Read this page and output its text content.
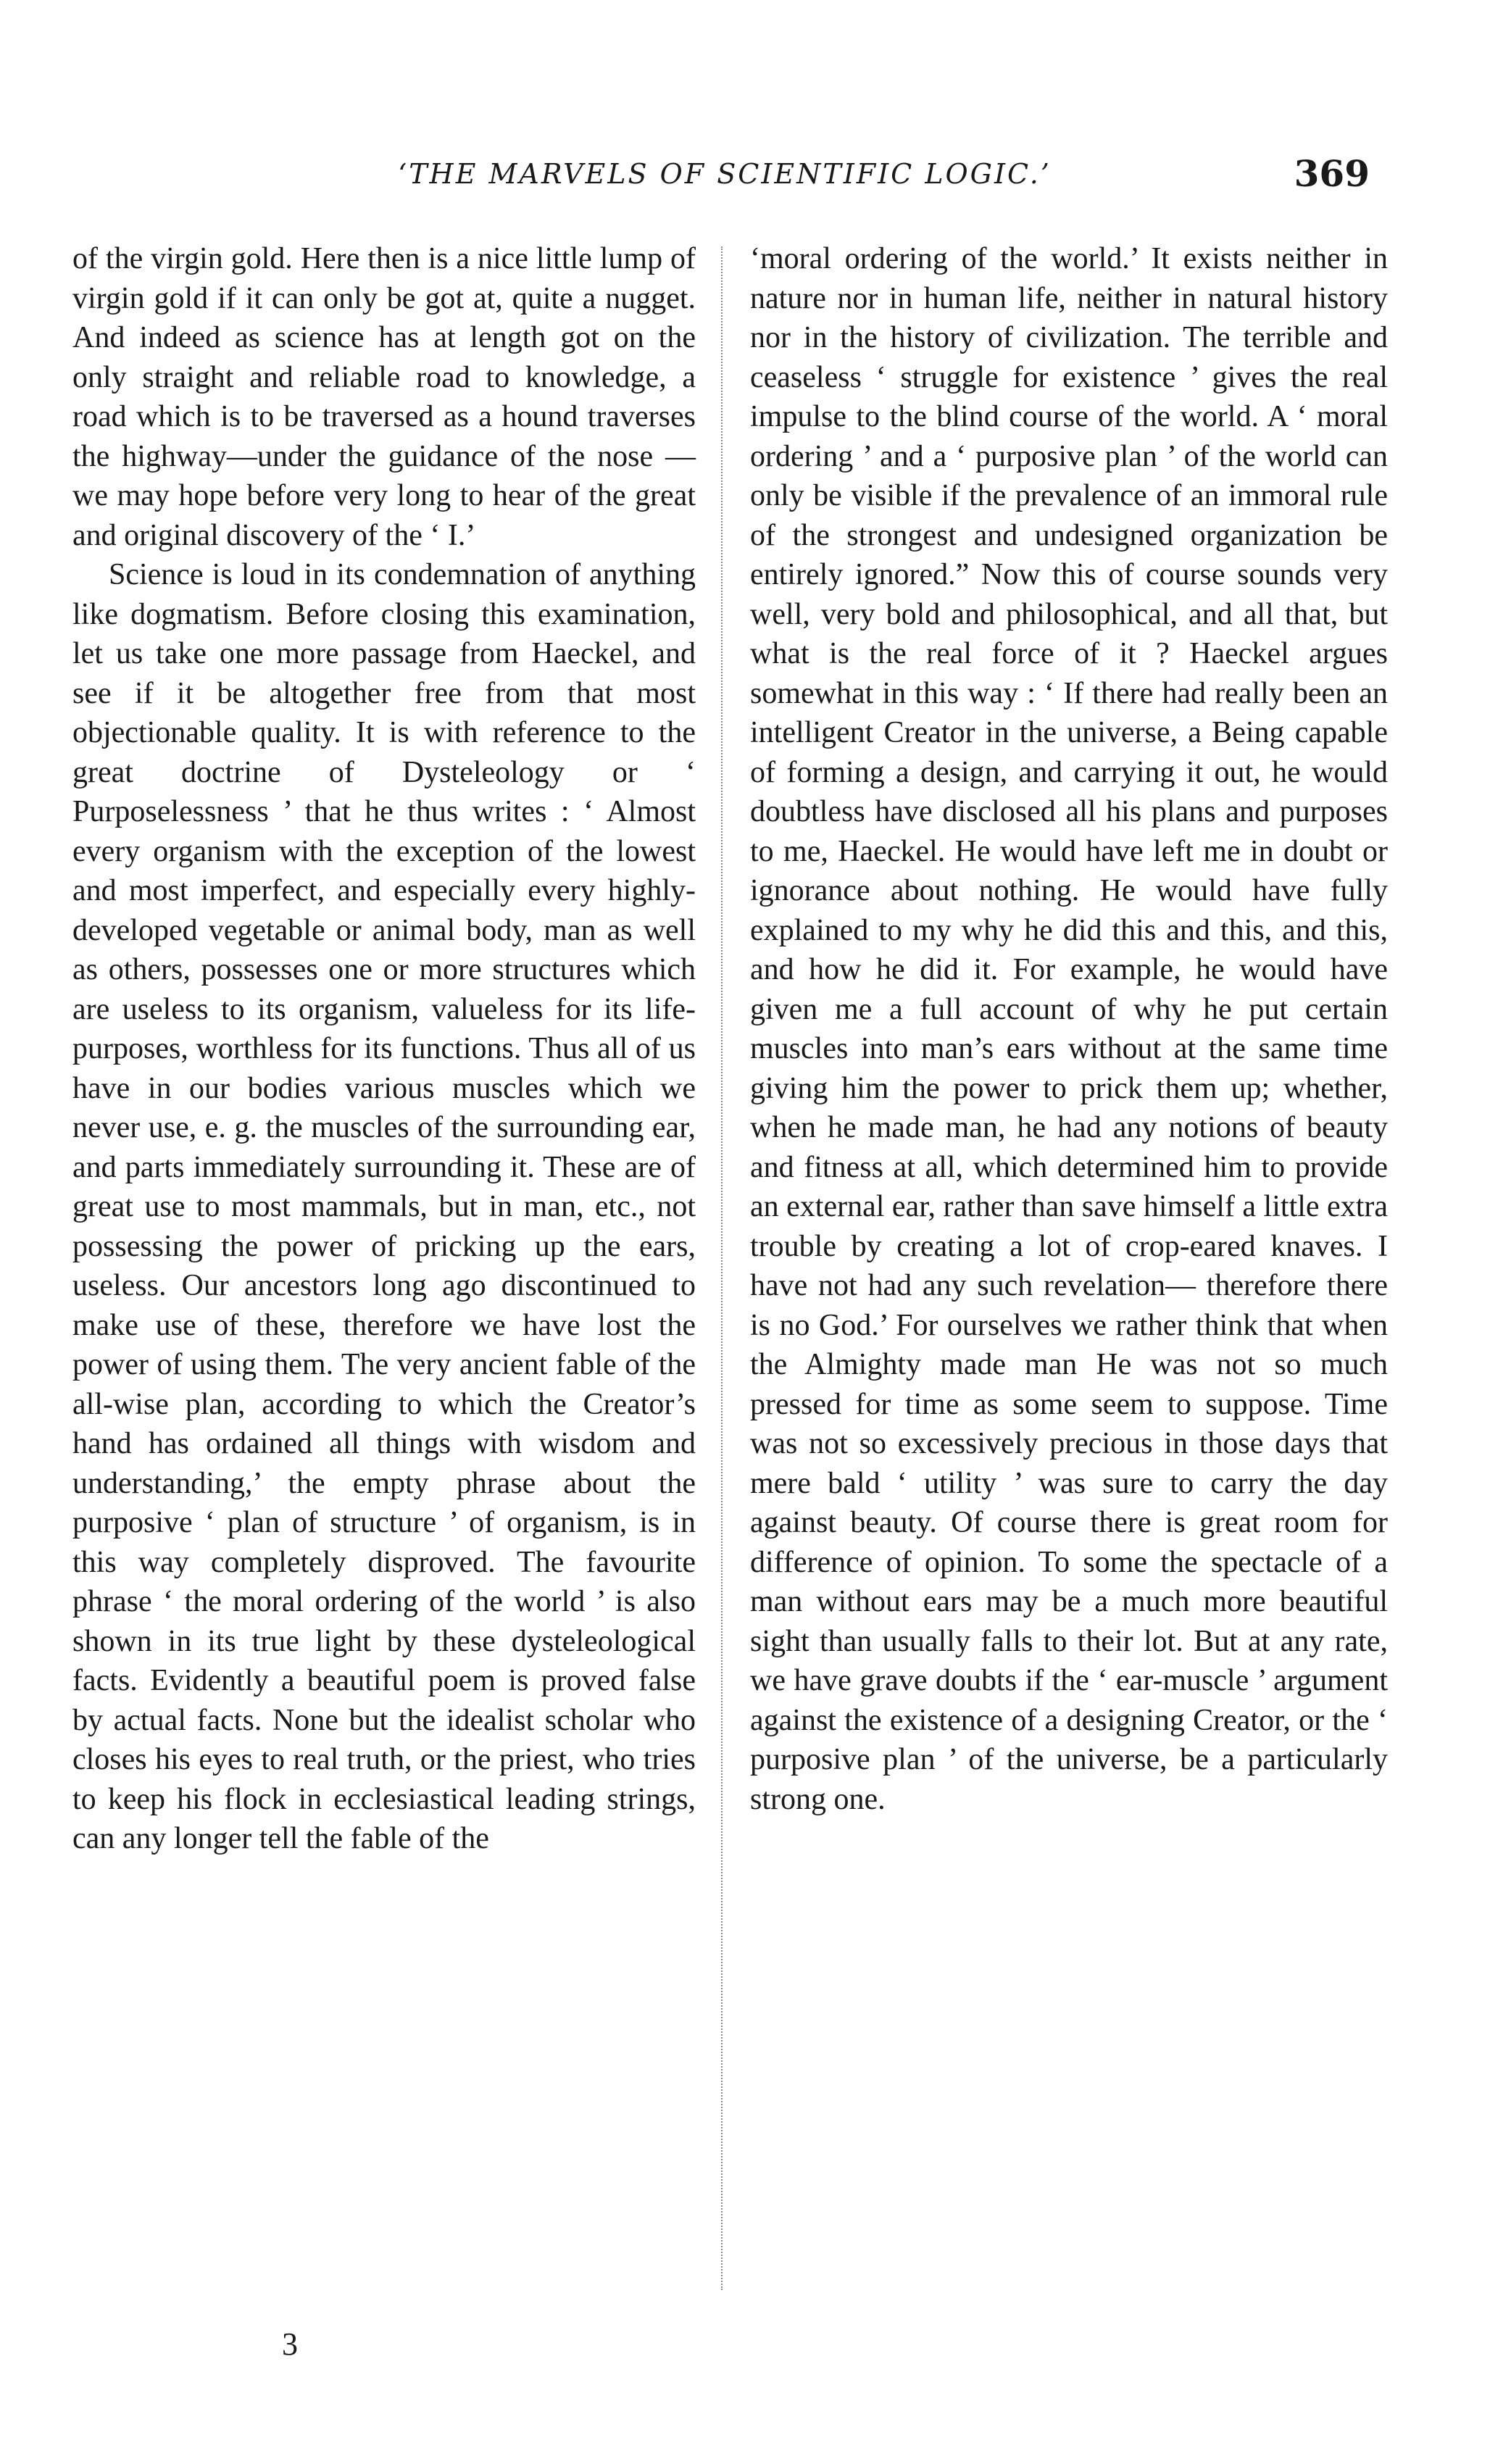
‘THE MARVELS OF SCIENTIFIC LOGIC.’	369

of the virgin gold. Here then is a nice little lump of virgin gold if it can only be got at, quite a nugget. And indeed as science has at length got on the only straight and reliable road to knowledge, a road which is to be traversed as a hound traverses the highway—under the guidance of the nose —we may hope before very long to hear of the great and original discovery of the ‘ I.’

Science is loud in its condemnation of anything like dogmatism. Before closing this examination, let us take one more passage from Haeckel, and see if it be altogether free from that most objectionable quality. It is with reference to the great doctrine of Dysteleology or ‘ Purposelessness ’ that he thus writes : ‘ Almost every organism with the exception of the lowest and most imperfect, and especially every highly-developed vegetable or animal body, man as well as others, possesses one or more structures which are useless to its organism, valueless for its life-purposes, worthless for its functions. Thus all of us have in our bodies various muscles which we never use, e. g. the muscles of the surrounding ear, and parts immediately surrounding it. These are of great use to most mammals, but in man, etc., not possessing the power of pricking up the ears, useless. Our ancestors long ago discontinued to make use of these, therefore we have lost the power of using them. The very ancient fable of the all-wise plan, according to which the Creator’s hand has ordained all things with wisdom and understanding,’ the empty phrase about the purposive ‘ plan of structure ’ of organism, is in this way completely disproved. The favourite phrase ‘ the moral ordering of the world ’ is also shown in its true light by these dysteleological facts. Evidently a beautiful poem is proved false by actual facts. None but the idealist scholar who closes his eyes to real truth, or the priest, who tries to keep his flock in ecclesiastical leading strings, can any longer tell the fable of the

‘moral ordering of the world.’ It exists neither in nature nor in human life, neither in natural history nor in the history of civilization. The terrible and ceaseless ‘ struggle for existence ’ gives the real impulse to the blind course of the world. A ‘ moral ordering ’ and a ‘ purposive plan ’ of the world can only be visible if the prevalence of an immoral rule of the strongest and undesigned organization be entirely ignored.” Now this of course sounds very well, very bold and philosophical, and all that, but what is the real force of it ? Haeckel argues somewhat in this way : ‘ If there had really been an intelligent Creator in the universe, a Being capable of forming a design, and carrying it out, he would doubtless have disclosed all his plans and purposes to me, Haeckel. He would have left me in doubt or ignorance about nothing. He would have fully explained to my why he did this and this, and this, and how he did it. For example, he would have given me a full account of why he put certain muscles into man’s ears without at the same time giving him the power to prick them up; whether, when he made man, he had any notions of beauty and fitness at all, which determined him to provide an external ear, rather than save himself a little extra trouble by creating a lot of crop-eared knaves. I have not had any such revelation— therefore there is no God.’ For ourselves we rather think that when the Almighty made man He was not so much pressed for time as some seem to suppose. Time was not so excessively precious in those days that mere bald ‘ utility ’ was sure to carry the day against beauty. Of course there is great room for difference of opinion. To some the spectacle of a man without ears may be a much more beautiful sight than usually falls to their lot. But at any rate, we have grave doubts if the ‘ ear-muscle ’ argument against the existence of a designing Creator, or the ‘ purposive plan ’ of the universe, be a particularly strong one.

3
